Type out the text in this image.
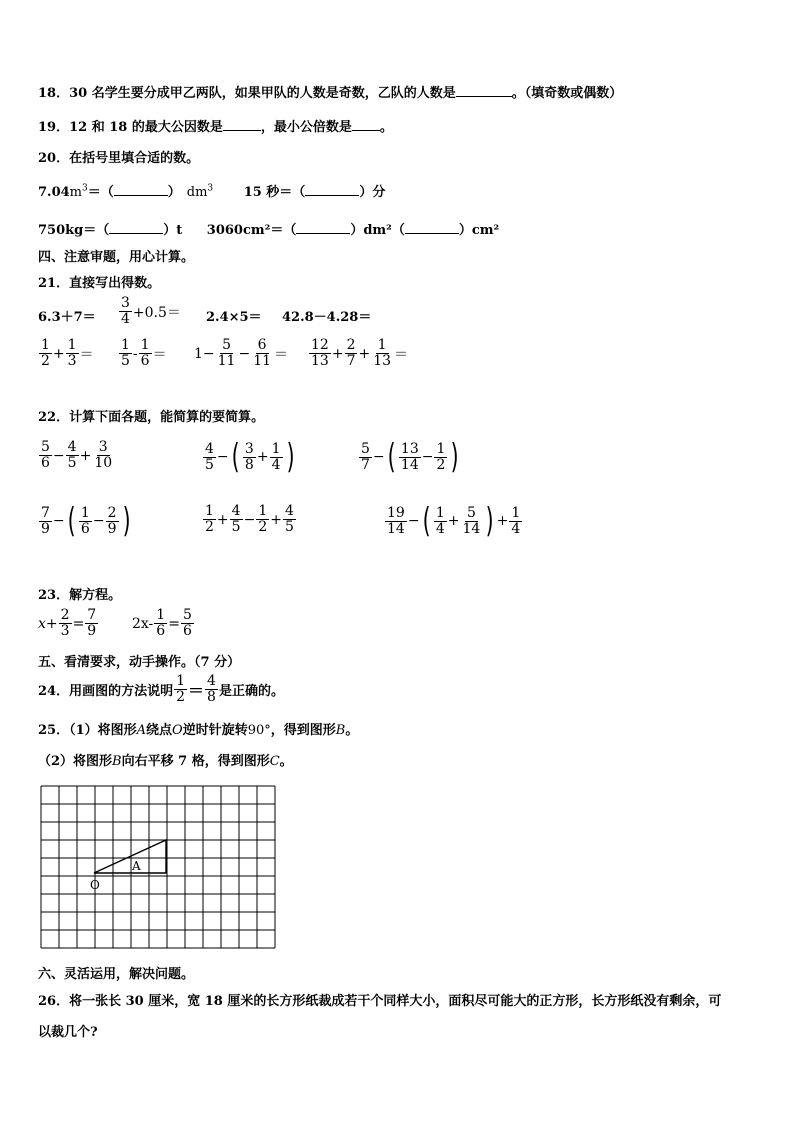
18．30 名学生要分成甲乙两队，如果甲队的人数是奇数，乙队的人数是	。（填奇数或偶数）
19．12 和 18 的最大公因数是	，最小公倍数是 。
20．在括号里填合适的数。
$7.04m^3=$（	） $dm^3$ 15 秒＝（	）分
750kg＝（	）t 3060cm²＝（	）dm²（	）cm²
四、注意审题，用心计算。
21．直接写出得数。
$6.3+7= \frac{3}{4} +0.5= 2.4\times 5= 42.8-4.28=$
$\frac{1}{2} + \frac{1}{3} = \frac{1}{5} - \frac{1}{6} = 1- \frac{5}{11} - \frac{6}{11} = \frac{12}{13} + \frac{2}{7} + \frac{1}{13}$ ＝
22．计算下面各题，能简算的要简算。
$\frac{5}{6} - \frac{4}{5} + \frac{3}{10}$	$\frac{4}{5}$ − ( $\frac{3}{8} + \frac{1}{4}$ )	$\frac{5}{7}$ − ( $\frac{13}{14} - \frac{1}{2}$ )
$\frac{7}{9}$ − ( $\frac{1}{6} - \frac{2}{9}$ )	$\frac{1}{2} + \frac{4}{5} - \frac{1}{2} + \frac{4}{5}$	$\frac{19}{14}$ − ( $\frac{1}{4} + \frac{5}{14}$ ) + $\frac{1}{4}$
23．解方程。
$x + \frac{2}{3} = \frac{7}{9} 2x- \frac{1}{6} = \frac{5}{6}$
五、看清要求，动手操作。（7 分）
24．用画图的方法说明 $\frac{1}{2} = \frac{4}{8}$ 是正确的。
25．（1）将图形A绕点O逆时针旋转90°，得到图形B。
（2）将图形B向右平移 7 格，得到图形C。
A
O
六、灵活运用，解决问题。
26．将一张长 30 厘米，宽 18 厘米的长方形纸裁成若干个同样大小，面积尽可能大的正方形，长方形纸没有剩余，可
以裁几个?
